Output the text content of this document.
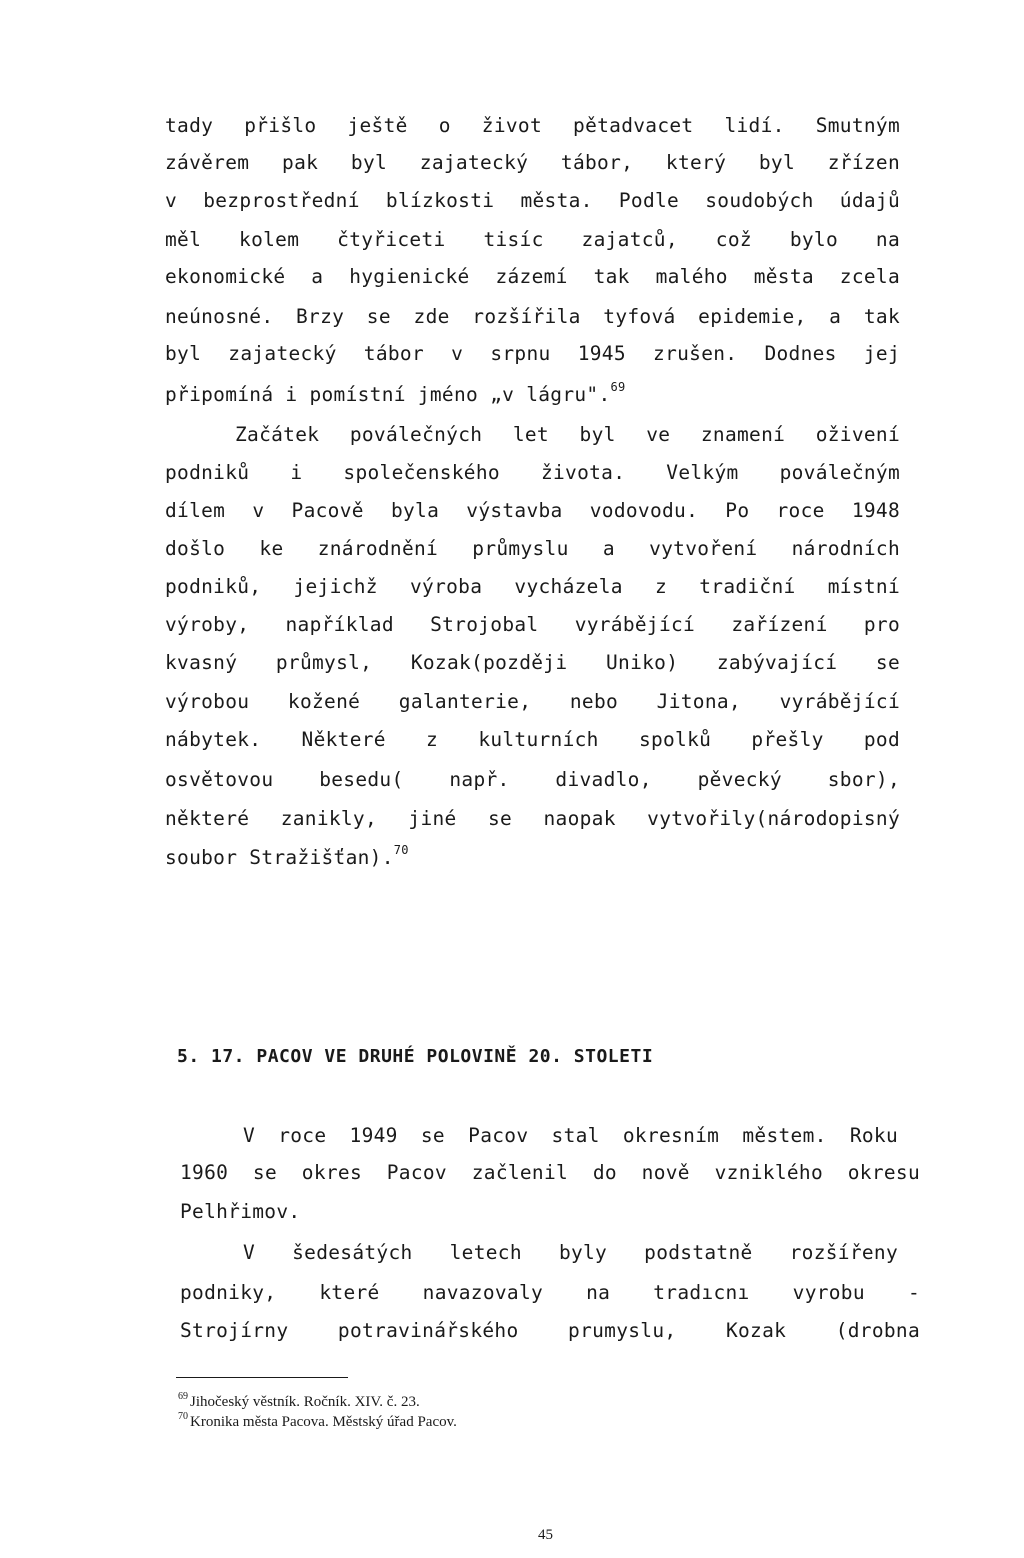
tady přišlo ještě o život pětadvacet lidí. Smutným
závěrem pak byl zajatecký tábor, který byl zřízen
v bezprostřední blízkosti města. Podle soudobých údajů
měl kolem čtyřiceti tisíc zajatců, což bylo na
ekonomické a hygienické zázemí tak malého města zcela
neúnosné. Brzy se zde rozšířila tyfová epidemie, a tak
byl zajatecký tábor v srpnu 1945 zrušen. Dodnes jej
připomíná i pomístní jméno „v lágru".$^{69}$
Začátek poválečných let byl ve znamení oživení
podniků i společenského života. Velkým poválečným
dílem v Pacově byla výstavba vodovodu. Po roce 1948
došlo ke znárodnění průmyslu a vytvoření národních
podniků, jejichž výroba vycházela z tradiční místní
výroby, například Strojobal vyrábějící zařízení pro
kvasný průmysl, Kozak(později Uniko) zabývající se
výrobou kožené galanterie, nebo Jitona, vyrábějící
nábytek. Některé z kulturních spolků přešly pod
osvětovou besedu( např. divadlo, pěvecký sbor),
některé zanikly, jiné se naopak vytvořily(národopisný
soubor Stražišťan).$^{70}$
5. 17. PACOV VE DRUHÉ POLOVINĚ 20. STOLETI
V roce 1949 se Pacov stal okresním městem. Roku
1960 se okres Pacov začlenil do nově vzniklého okresu
Pelhřimov.
V šedesátých letech byly podstatně rozšířeny
podniky, které navazovaly na tradıcnı vyrobu -
Strojírny potravinářského prumyslu, Kozak (drobna
$^{69}$ Jihočeský věstník. Ročník. XIV. č. 23.
$^{70}$ Kronika města Pacova. Městský úřad Pacov.
45
